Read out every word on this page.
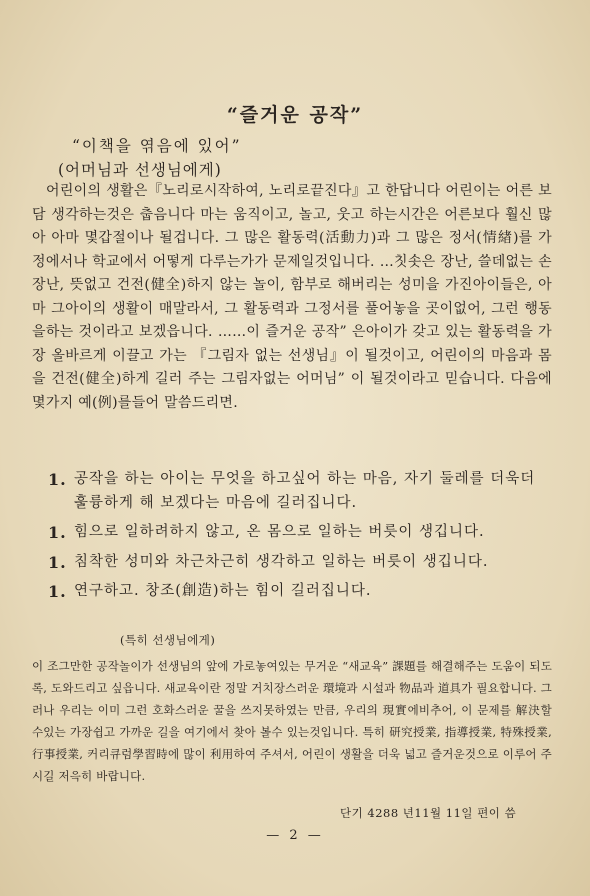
“즐거운 공작”
“이책을 엮음에 있어”
(어머님과 선생님에게)

어린이의 생활은『노리로시작하여, 노리로끝진다』고 한답니다 어린이는 어른 보담 생각하는것은 춥음니다 마는 움직이고, 놀고, 웃고 하는시간은 어른보다 훨신 많아 아마 몇갑절이나 될겁니다. 그 많은 활동력(活動力)과 그 많은 정서(情緖)를 가정에서나 학교에서 어떻게 다루는가가 문제일것입니다. …칫솟은 장난, 쓸데없는 손장난, 뜻없고 건전(健全)하지 않는 놀이, 함부로 해버리는 성미을 가진아이들은, 아마 그아이의 생활이 매말라서, 그 활동력과 그정서를 풀어놓을 곳이없어, 그런 행동을하는 것이라고 보겠읍니다. ……이 즐거운 공작” 은아이가 갖고 있는 활동력을 가장 올바르게 이끌고 가는 『그림자 없는 선생님』이 될것이고, 어린이의 마음과 몸을 건전(健全)하게 길러 주는 그림자없는 어머님” 이 될것이라고 믿습니다. 다음에 몇가지 예(例)를들어 말씀드리면.

1. 공작을 하는 아이는 무엇을 하고싶어 하는 마음, 자기 둘레를 더욱더 훌륭하게 해 보겠다는 마음에 길러집니다.
1. 힘으로 일하려하지 않고, 온 몸으로 일하는 버릇이 생깁니다.
1. 침착한 성미와 차근차근히 생각하고 일하는 버릇이 생깁니다.
1. 연구하고. 창조(創造)하는 힘이 길러집니다.
(특히 선생님에게)

이 조그만한 공작놀이가 선생님의 앞에 가로놓여있는 무거운 “새교육” 課題를 해결해주는 도움이 되도록, 도와드리고 싶읍니다. 새교육이란 정말 거치장스러운 環境과 시설과 物品과 道具가 필요합니다. 그러나 우리는 이미 그런 호화스러운 꿀을 쓰지못하였는 만큼, 우리의 現實에비추어, 이 문제를 解決할 수있는 가장쉽고 가까운 길을 여기에서 찾아 볼수 있는것입니다. 특히 研究授業, 指導授業, 特殊授業, 行事授業, 커리큐럼學習時에 많이 利用하여 주셔서, 어린이 생활을 더욱 넓고 즐거운것으로 이루어 주시길 저윽히 바랍니다.

단기 4288 년11월 11일 편이 씀
— 2 —
